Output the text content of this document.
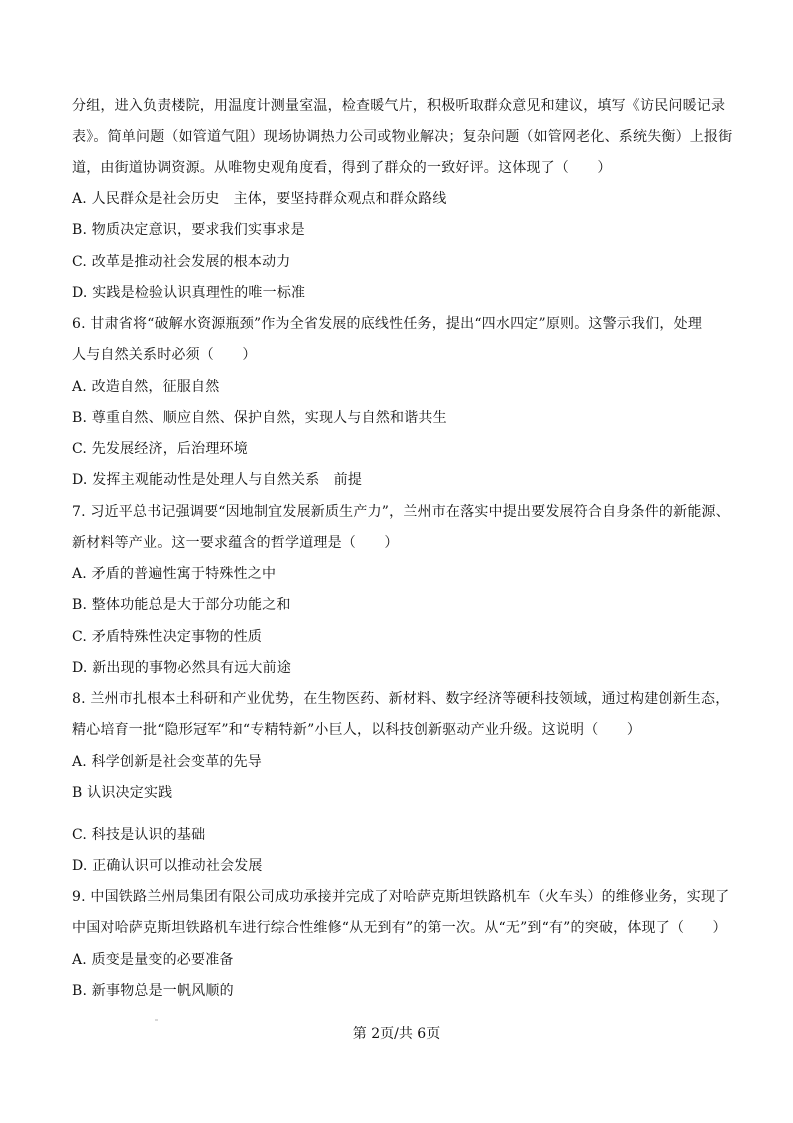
分组，进入负责楼院，用温度计测量室温，检查暖气片，积极听取群众意见和建议，填写《访民问暖记录
表》。简单问题（如管道气阻）现场协调热力公司或物业解决；复杂问题（如管网老化、系统失衡）上报街
道，由街道协调资源。从唯物史观角度看，得到了群众的一致好评。这体现了（　　）
A. 人民群众是社会历史　主体，要坚持群众观点和群众路线
B. 物质决定意识，要求我们实事求是
C. 改革是推动社会发展的根本动力
D. 实践是检验认识真理性的唯一标准
6. 甘肃省将“破解水资源瓶颈”作为全省发展的底线性任务，提出“四水四定”原则。这警示我们，处理
人与自然关系时必须（　　）
A. 改造自然，征服自然
B. 尊重自然、顺应自然、保护自然，实现人与自然和谐共生
C. 先发展经济，后治理环境
D. 发挥主观能动性是处理人与自然关系　前提
7. 习近平总书记强调要“因地制宜发展新质生产力”，兰州市在落实中提出要发展符合自身条件的新能源、
新材料等产业。这一要求蕴含的哲学道理是（　　）
A. 矛盾的普遍性寓于特殊性之中
B. 整体功能总是大于部分功能之和
C. 矛盾特殊性决定事物的性质
D. 新出现的事物必然具有远大前途
8. 兰州市扎根本土科研和产业优势，在生物医药、新材料、数字经济等硬科技领域，通过构建创新生态，
精心培育一批“隐形冠军”和“专精特新”小巨人，以科技创新驱动产业升级。这说明（　　）
A. 科学创新是社会变革的先导
B 认识决定实践
C. 科技是认识的基础
D. 正确认识可以推动社会发展
9. 中国铁路兰州局集团有限公司成功承接并完成了对哈萨克斯坦铁路机车（火车头）的维修业务，实现了
中国对哈萨克斯坦铁路机车进行综合性维修“从无到有”的第一次。从“无”到“有”的突破，体现了（　　）
A. 质变是量变的必要准备
B. 新事物总是一帆风顺的
第 2页/共 6页
